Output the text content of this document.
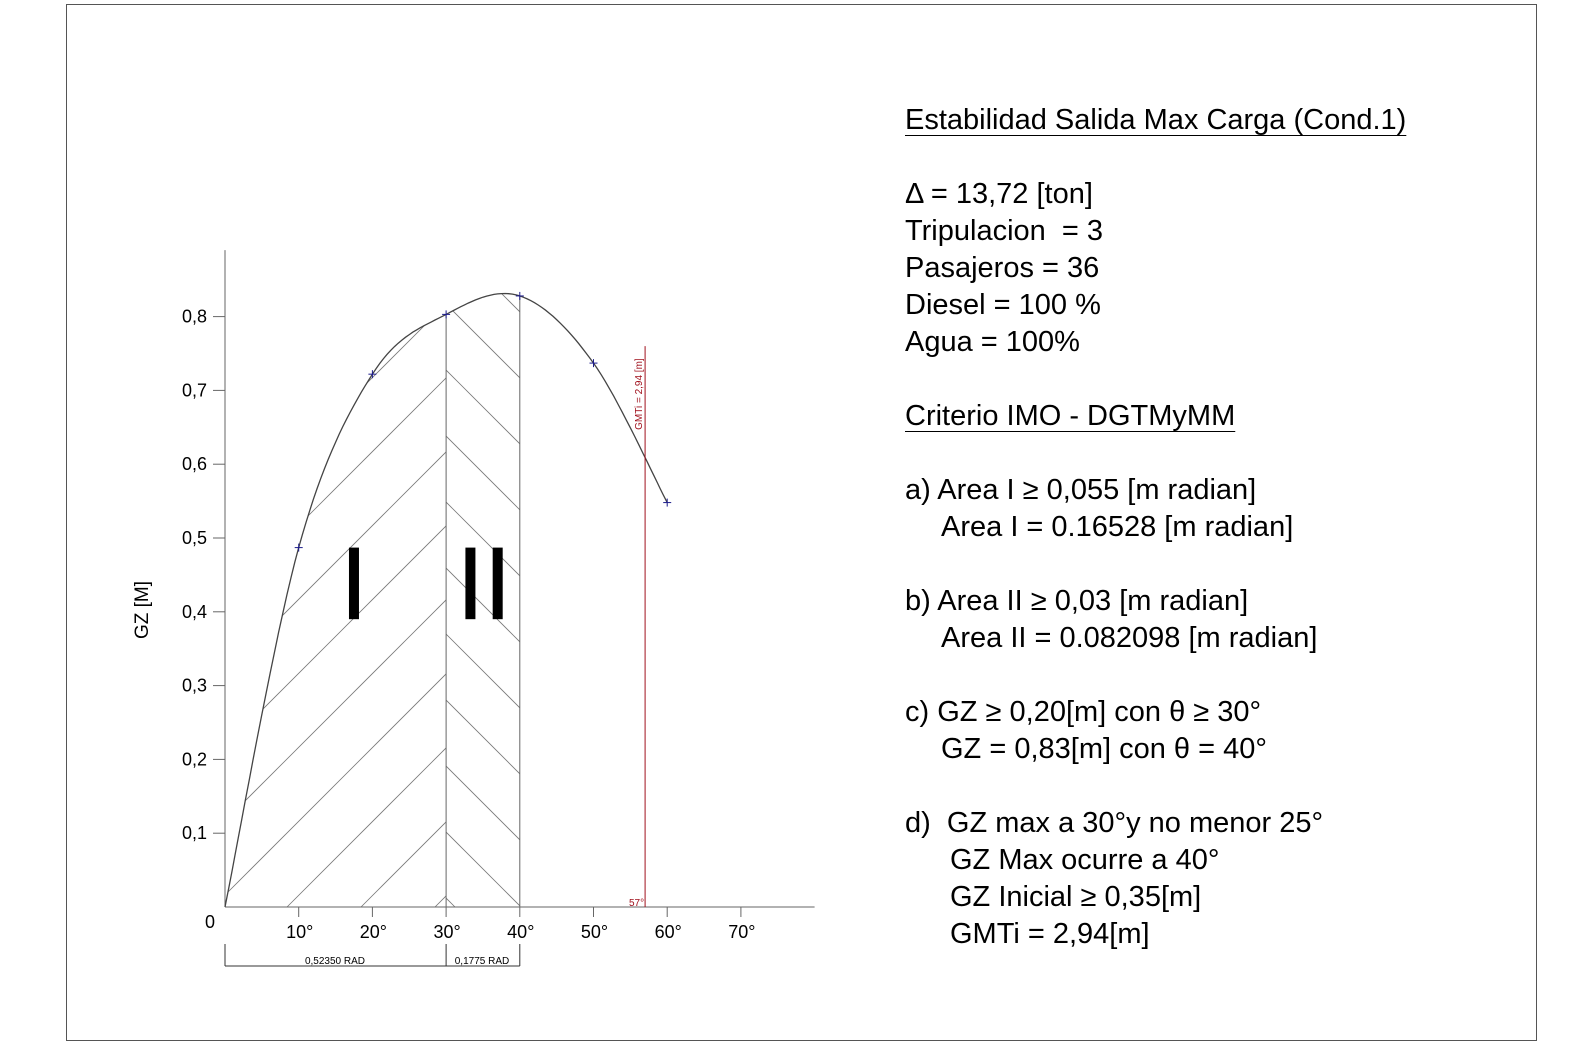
0,1
0,2
0,3
0,4
0,5
0,6
0,7
0,8
10°	20°	30°	40°	50°	60°	70°
GZ [M]
0
0,52350 RAD	0,1775 RAD
GMTi = 2,94 [m]
57°
Estabilidad Salida Max Carga (Cond.1)
Δ = 13,72 [ton]
Tripulacion  = 3
Pasajeros = 36
Diesel = 100 %
Agua = 100%
Criterio IMO - DGTMyMM
a) Area I ≥ 0,055 [m radian]
Area I = 0.16528 [m radian]
b) Area II ≥ 0,03 [m radian]
Area II = 0.082098 [m radian]
c) GZ ≥ 0,20[m] con θ ≥ 30°
GZ = 0,83[m] con θ = 40°
d)  GZ max a 30°y no menor 25°
GZ Max ocurre a 40°
GZ Inicial ≥ 0,35[m]
GMTi = 2,94[m]
